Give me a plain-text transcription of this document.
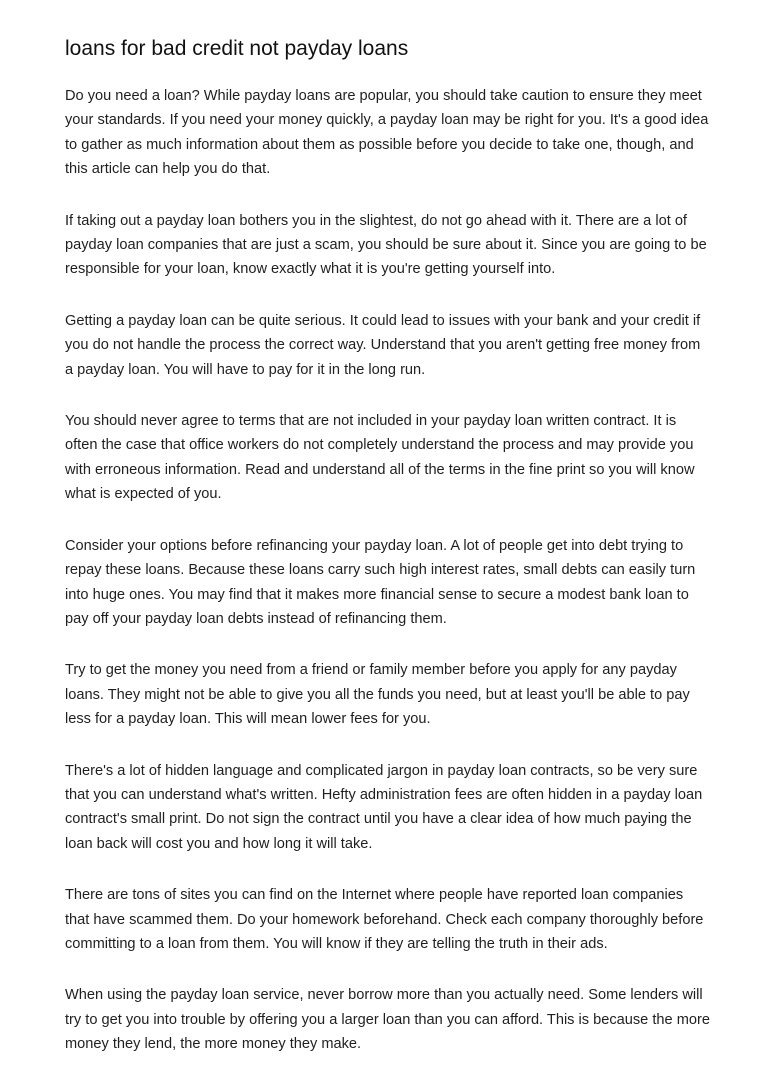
loans for bad credit not payday loans

Do you need a loan? While payday loans are popular, you should take caution to ensure they meet your standards. If you need your money quickly, a payday loan may be right for you. It's a good idea to gather as much information about them as possible before you decide to take one, though, and this article can help you do that.

If taking out a payday loan bothers you in the slightest, do not go ahead with it. There are a lot of payday loan companies that are just a scam, you should be sure about it. Since you are going to be responsible for your loan, know exactly what it is you're getting yourself into.

Getting a payday loan can be quite serious. It could lead to issues with your bank and your credit if you do not handle the process the correct way. Understand that you aren't getting free money from a payday loan. You will have to pay for it in the long run.

You should never agree to terms that are not included in your payday loan written contract. It is often the case that office workers do not completely understand the process and may provide you with erroneous information. Read and understand all of the terms in the fine print so you will know what is expected of you.

Consider your options before refinancing your payday loan. A lot of people get into debt trying to repay these loans. Because these loans carry such high interest rates, small debts can easily turn into huge ones. You may find that it makes more financial sense to secure a modest bank loan to pay off your payday loan debts instead of refinancing them.

Try to get the money you need from a friend or family member before you apply for any payday loans. They might not be able to give you all the funds you need, but at least you'll be able to pay less for a payday loan. This will mean lower fees for you.

There's a lot of hidden language and complicated jargon in payday loan contracts, so be very sure that you can understand what's written. Hefty administration fees are often hidden in a payday loan contract's small print. Do not sign the contract until you have a clear idea of how much paying the loan back will cost you and how long it will take.

There are tons of sites you can find on the Internet where people have reported loan companies that have scammed them. Do your homework beforehand. Check each company thoroughly before committing to a loan from them. You will know if they are telling the truth in their ads.

When using the payday loan service, never borrow more than you actually need. Some lenders will try to get you into trouble by offering you a larger loan than you can afford. This is because the more money they lend, the more money they make.
